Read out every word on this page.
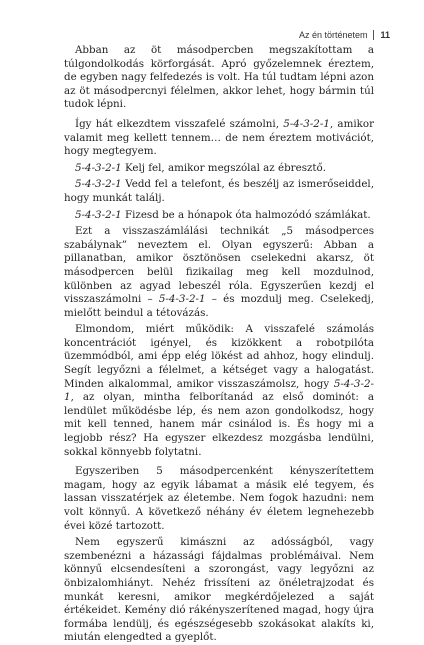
Az én történetem 11

Abban az öt másodpercben megszakítottam a túlgondolkodás körforgását. Apró győzelemnek éreztem, de egyben nagy felfedezés is volt. Ha túl tudtam lépni azon az öt másodpercnyi félelmen, akkor lehet, hogy bármin túl tudok lépni.

Így hát elkezdtem visszafelé számolni, 5-4-3-2-1, amikor valamit meg kellett tennem… de nem éreztem motivációt, hogy megtegyem.

5-4-3-2-1 Kelj fel, amikor megszólal az ébresztő.

5-4-3-2-1 Vedd fel a telefont, és beszélj az ismerőseiddel, hogy munkát találj.

5-4-3-2-1 Fizesd be a hónapok óta halmozódó számlákat.

Ezt a visszaszámlálási technikát „5 másodperces szabálynak” neveztem el. Olyan egyszerű: Abban a pillanatban, amikor ösztönösen cselekedni akarsz, öt másodpercen belül fizikailag meg kell mozdulnod, különben az agyad lebeszél róla. Egyszerűen kezdj el visszaszámolni – 5-4-3-2-1 – és mozdulj meg. Cselekedj, mielőtt beindul a tétovázás.

Elmondom, miért működik: A visszafelé számolás koncentrációt igényel, és kizökkent a robotpilóta üzemmódból, ami épp elég lökést ad ahhoz, hogy elindulj. Segít legyőzni a félelmet, a kétséget vagy a halogatást. Minden alkalommal, amikor visszaszámolsz, hogy 5-4-3-2-1, az olyan, mintha felborítanád az első dominót: a lendület működésbe lép, és nem azon gondolkodsz, hogy mit kell tenned, hanem már csinálod is. És hogy mi a legjobb rész? Ha egyszer elkezdesz mozgásba lendülni, sokkal könnyebb folytatni.

Egyszeriben 5 másodpercenként kényszerítettem magam, hogy az egyik lábamat a másik elé tegyem, és lassan visszatérjek az életembe. Nem fogok hazudni: nem volt könnyű. A következő néhány év életem legnehezebb évei közé tartozott.

Nem egyszerű kimászni az adósságból, vagy szembenézni a házassági fájdalmas problémáival. Nem könnyű elcsendesíteni a szorongást, vagy legyőzni az önbizalomhiányt. Nehéz frissíteni az önéletrajzodat és munkát keresni, amikor megkérdőjelezed a saját értékeidet. Kemény dió rákényszerítened magad, hogy újra formába lendülj, és egészségesebb szokásokat alakíts ki, miután elengedted a gyeplőt.
